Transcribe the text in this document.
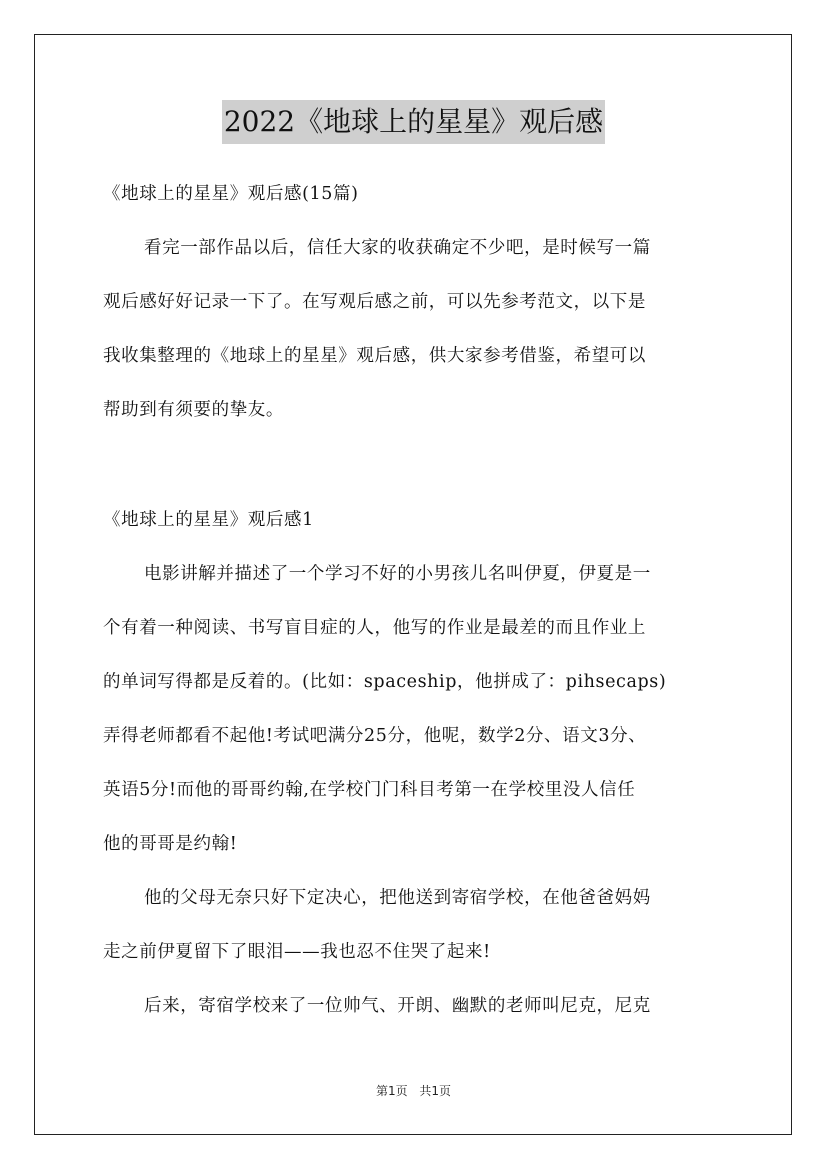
2022《地球上的星星》观后感
《地球上的星星》观后感(15篇)
看完一部作品以后，信任大家的收获确定不少吧，是时候写一篇
观后感好好记录一下了。在写观后感之前，可以先参考范文，以下是
我收集整理的《地球上的星星》观后感，供大家参考借鉴，希望可以
帮助到有须要的挚友。
《地球上的星星》观后感1
电影讲解并描述了一个学习不好的小男孩儿名叫伊夏，伊夏是一
个有着一种阅读、书写盲目症的人，他写的作业是最差的而且作业上
的单词写得都是反着的。(比如：spaceship，他拼成了：pihsecaps)
弄得老师都看不起他!考试吧满分25分，他呢，数学2分、语文3分、
英语5分!而他的哥哥约翰,在学校门门科目考第一在学校里没人信任
他的哥哥是约翰!
他的父母无奈只好下定决心，把他送到寄宿学校，在他爸爸妈妈
走之前伊夏留下了眼泪——我也忍不住哭了起来!
后来，寄宿学校来了一位帅气、开朗、幽默的老师叫尼克，尼克
第1页 共1页
